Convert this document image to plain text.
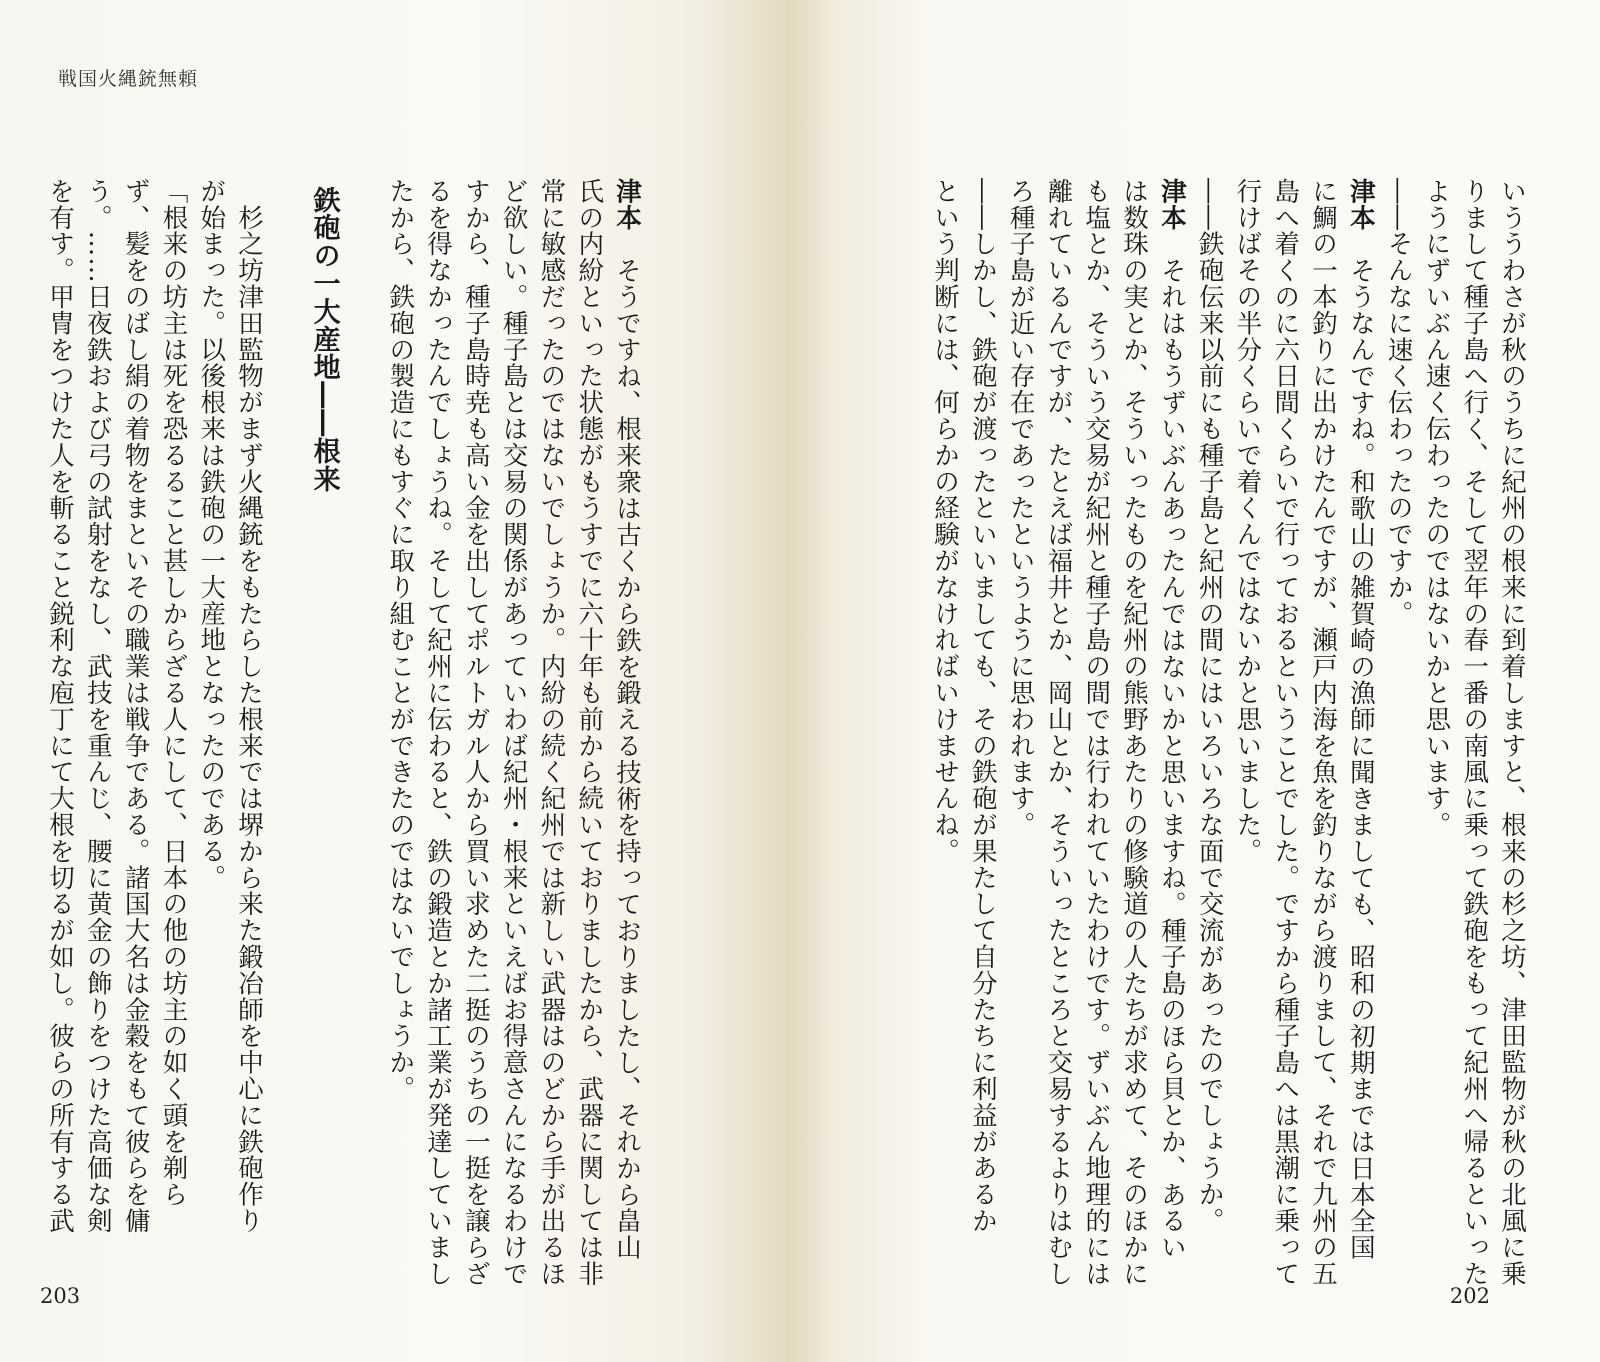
戦国火縄銃無頼
津本　そうですね、根来衆は古くから鉄を鍛える技術を持っておりましたし、それから畠山
氏の内紛といった状態がもうすでに六十年も前から続いておりましたから、武器に関しては非
常に敏感だったのではないでしょうか。内紛の続く紀州では新しい武器はのどから手が出るほ
ど欲しい。種子島とは交易の関係があっていわば紀州・根来といえばお得意さんになるわけで
すから、種子島時尭も高い金を出してポルトガル人から買い求めた二挺のうちの一挺を譲らざ
るを得なかったんでしょうね。そして紀州に伝わると、鉄の鍛造とか諸工業が発達していまし
たから、鉄砲の製造にもすぐに取り組むことができたのではないでしょうか。
鉄砲の一大産地――根来
　杉之坊津田監物がまず火縄銃をもたらした根来では堺から来た鍛冶師を中心に鉄砲作り
が始まった。以後根来は鉄砲の一大産地となったのである。
「根来の坊主は死を恐るること甚しからざる人にして、日本の他の坊主の如く頭を剃ら
ず、髪をのばし絹の着物をまといその職業は戦争である。諸国大名は金穀をもて彼らを傭
う。……日夜鉄および弓の試射をなし、武技を重んじ、腰に黄金の飾りをつけた高価な剣
を有す。甲冑をつけた人を斬ること鋭利な庖丁にて大根を切るが如し。彼らの所有する武
203
いううわさが秋のうちに紀州の根来に到着しますと、根来の杉之坊、津田監物が秋の北風に乗
りまして種子島へ行く、そして翌年の春一番の南風に乗って鉄砲をもって紀州へ帰るといった
ようにずいぶん速く伝わったのではないかと思います。
――そんなに速く伝わったのですか。
津本　そうなんですね。和歌山の雑賀崎の漁師に聞きましても、昭和の初期までは日本全国
に鯛の一本釣りに出かけたんですが、瀬戸内海を魚を釣りながら渡りまして、それで九州の五
島へ着くのに六日間くらいで行っておるということでした。ですから種子島へは黒潮に乗って
行けばその半分くらいで着くんではないかと思いました。
――鉄砲伝来以前にも種子島と紀州の間にはいろいろな面で交流があったのでしょうか。
津本　それはもうずいぶんあったんではないかと思いますね。種子島のほら貝とか、あるい
は数珠の実とか、そういったものを紀州の熊野あたりの修験道の人たちが求めて、そのほかに
も塩とか、そういう交易が紀州と種子島の間では行われていたわけです。ずいぶん地理的には
離れているんですが、たとえば福井とか、岡山とか、そういったところと交易するよりはむし
ろ種子島が近い存在であったというように思われます。
――しかし、鉄砲が渡ったといいましても、その鉄砲が果たして自分たちに利益があるか
という判断には、何らかの経験がなければいけませんね。
202
